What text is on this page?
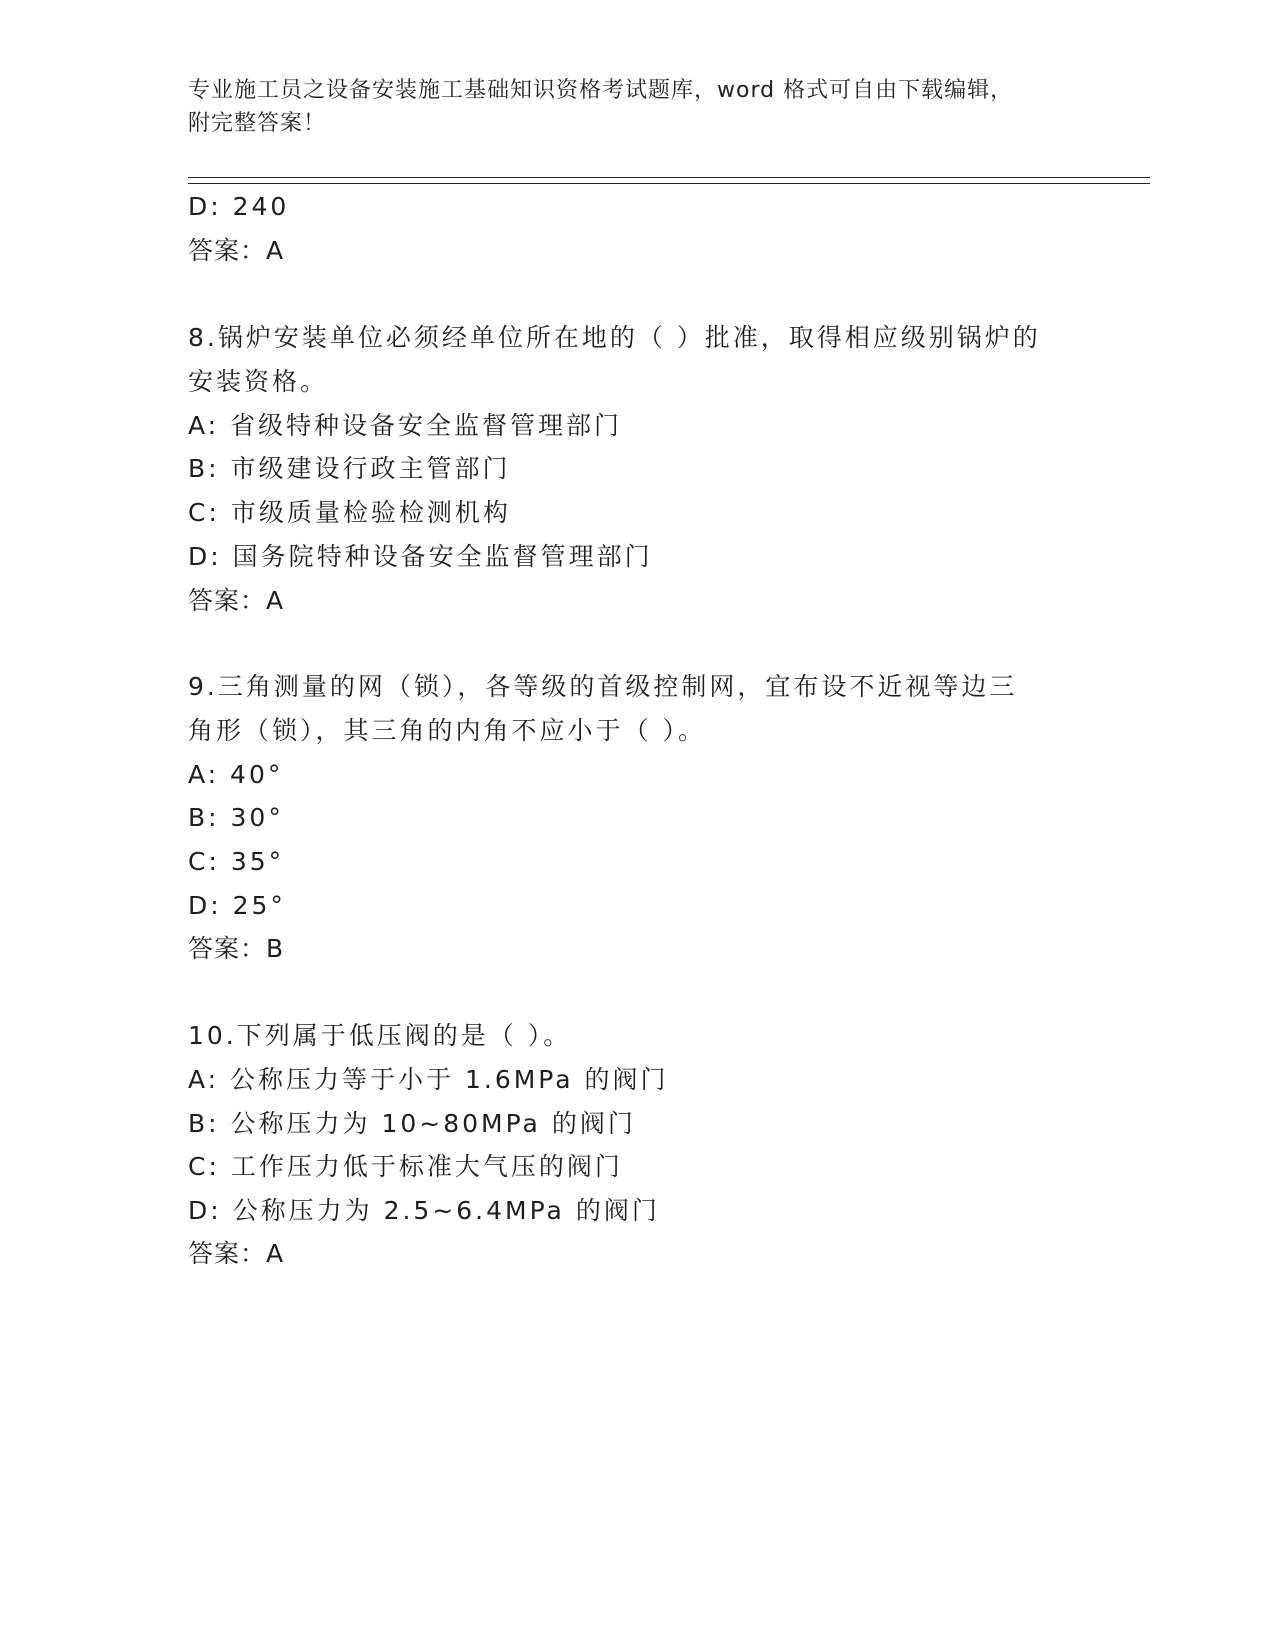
专业施工员之设备安装施工基础知识资格考试题库，word 格式可自由下载编辑，
附完整答案！
D: 240
答案：A
8.锅炉安装单位必须经单位所在地的（ ）批准，取得相应级别锅炉的
安装资格。
A: 省级特种设备安全监督管理部门
B: 市级建设行政主管部门
C: 市级质量检验检测机构
D: 国务院特种设备安全监督管理部门
答案：A
9.三角测量的网（锁），各等级的首级控制网，宜布设不近视等边三
角形（锁），其三角的内角不应小于（ ）。
A: 40°
B: 30°
C: 35°
D: 25°
答案：B
10.下列属于低压阀的是（ ）。
A: 公称压力等于小于 1.6MPa 的阀门
B: 公称压力为 10~80MPa 的阀门
C: 工作压力低于标准大气压的阀门
D: 公称压力为 2.5~6.4MPa 的阀门
答案：A
